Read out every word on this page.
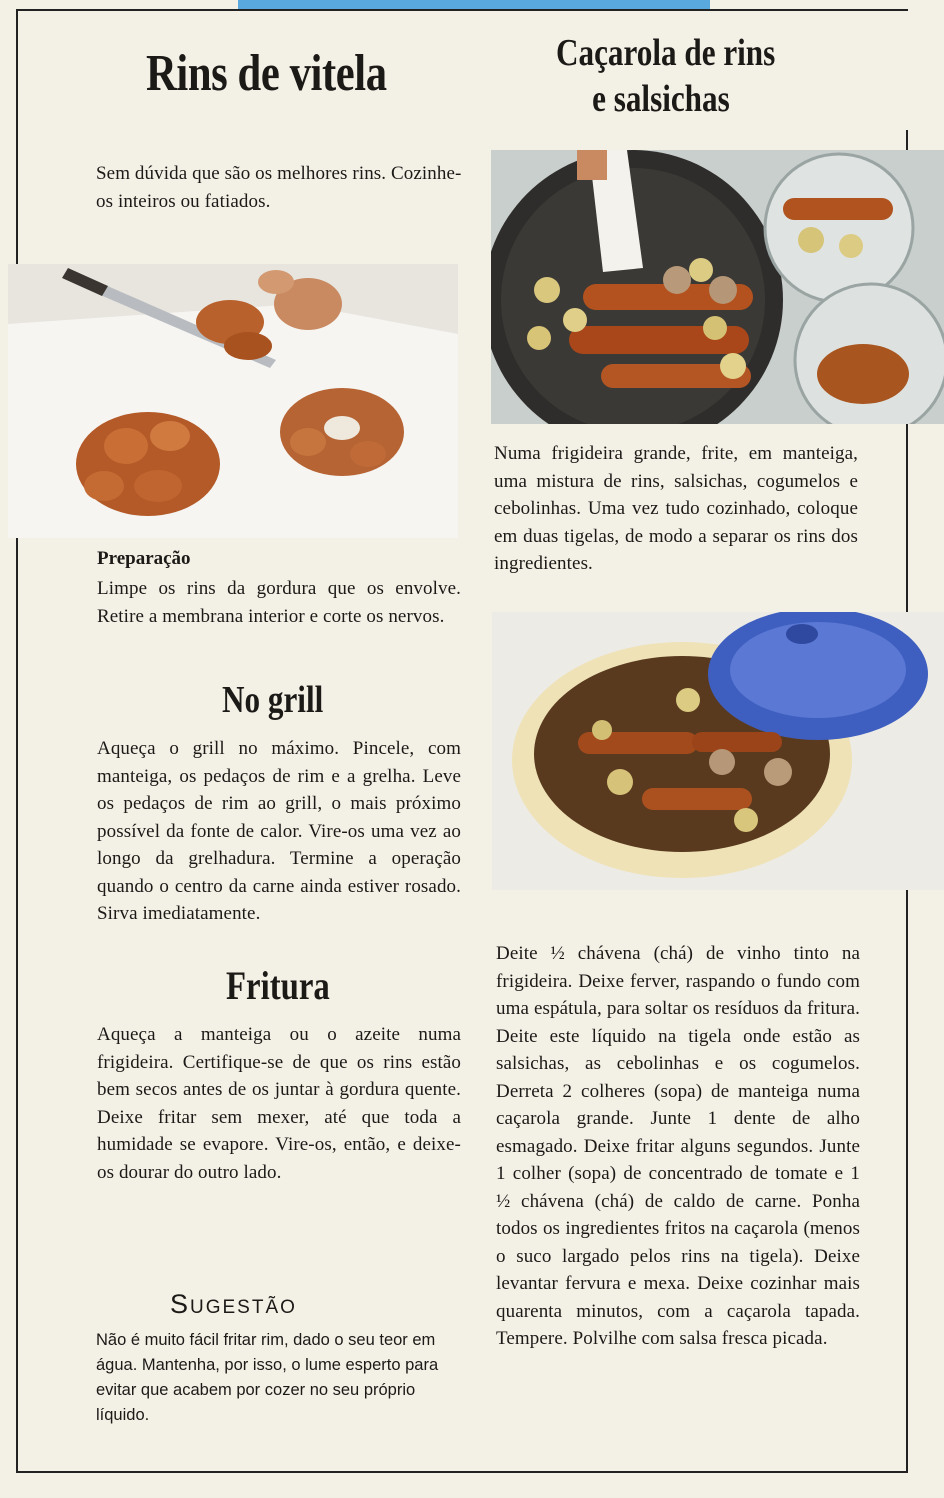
Rins de vitela

Sem dúvida que são os melhores rins. Cozinhe-os inteiros ou fatiados.

Preparação

Limpe os rins da gordura que os envolve. Retire a membrana interior e corte os nervos.

No grill

Aqueça o grill no máximo. Pincele, com manteiga, os pedaços de rim e a grelha. Leve os pedaços de rim ao grill, o mais próximo possível da fonte de calor. Vire-os uma vez ao longo da grelhadura. Termine a operação quando o centro da carne ainda estiver rosado. Sirva imediatamente.

Fritura

Aqueça a manteiga ou o azeite numa frigideira. Certifique-se de que os rins estão bem secos antes de os juntar à gordura quente. Deixe fritar sem mexer, até que toda a humidade se evapore. Vire-os, então, e deixe-os dourar do outro lado.

Sugestão

Não é muito fácil fritar rim, dado o seu teor em água. Mantenha, por isso, o lume esperto para evitar que acabem por cozer no seu próprio líquido.

Caçarola de rins
e salsichas

Numa frigideira grande, frite, em manteiga, uma mistura de rins, salsichas, cogumelos e cebolinhas. Uma vez tudo cozinhado, coloque em duas tigelas, de modo a separar os rins dos ingredientes.

Deite ½ chávena (chá) de vinho tinto na frigideira. Deixe ferver, raspando o fundo com uma espátula, para soltar os resíduos da fritura. Deite este líquido na tigela onde estão as salsichas, as cebolinhas e os cogumelos. Derreta 2 colheres (sopa) de manteiga numa caçarola grande. Junte 1 dente de alho esmagado. Deixe fritar alguns segundos. Junte 1 colher (sopa) de concentrado de tomate e 1 ½ chávena (chá) de caldo de carne. Ponha todos os ingredientes fritos na caçarola (menos o suco largado pelos rins na tigela). Deixe levantar fervura e mexa. Deixe cozinhar mais quarenta minutos, com a caçarola tapada. Tempere. Polvilhe com salsa fresca picada.
